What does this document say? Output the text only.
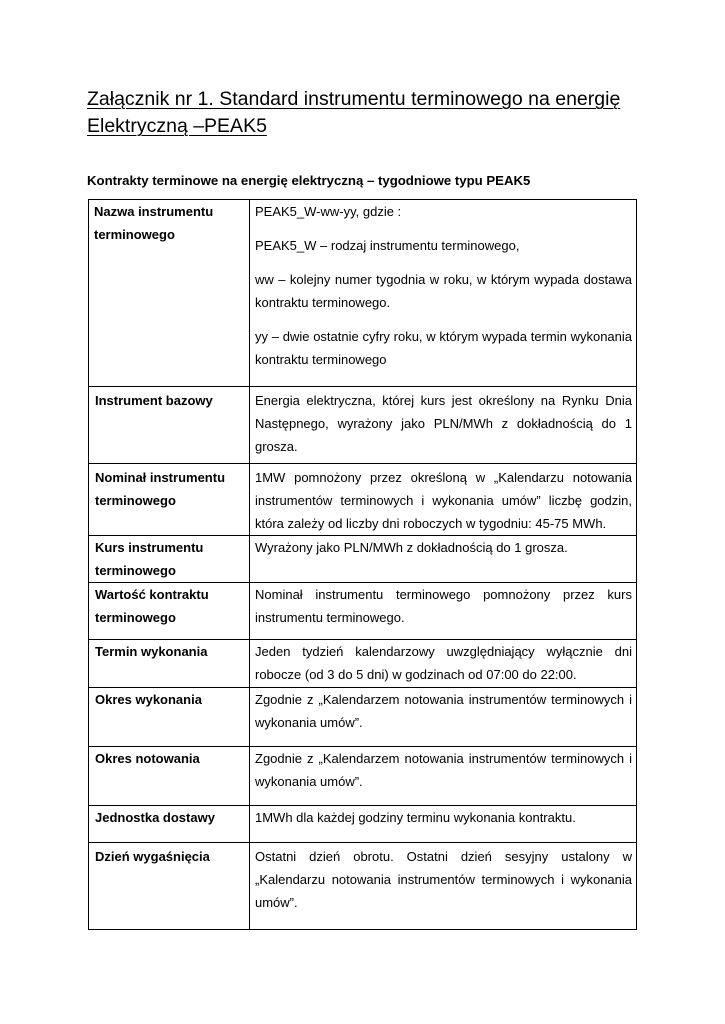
Załącznik nr 1. Standard instrumentu terminowego na energię Elektryczną –PEAK5

Kontrakty terminowe na energię elektryczną – tygodniowe typu PEAK5

Nazwa instrumentu terminowego	PEAK5_W-ww-yy, gdzie :

PEAK5_W – rodzaj instrumentu terminowego,

ww – kolejny numer tygodnia w roku, w którym wypada dostawa kontraktu terminowego.

yy – dwie ostatnie cyfry roku, w którym wypada termin wykonania kontraktu terminowego

Instrument bazowy	Energia elektryczna, której kurs jest określony na Rynku Dnia Następnego, wyrażony jako PLN/MWh z dokładnością do 1 grosza.

Nominał instrumentu terminowego	1MW pomnożony przez określoną w „Kalendarzu notowania instrumentów terminowych i wykonania umów” liczbę godzin, która zależy od liczby dni roboczych w tygodniu: 45-75 MWh.

Kurs instrumentu terminowego	Wyrażony jako PLN/MWh z dokładnością do 1 grosza.

Wartość kontraktu terminowego	Nominał instrumentu terminowego pomnożony przez kurs instrumentu terminowego.

Termin wykonania	Jeden tydzień kalendarzowy uwzględniający wyłącznie dni robocze (od 3 do 5 dni) w godzinach od 07:00 do 22:00.

Okres wykonania	Zgodnie z „Kalendarzem notowania instrumentów terminowych i wykonania umów”.

Okres notowania	Zgodnie z „Kalendarzem notowania instrumentów terminowych i wykonania umów”.

Jednostka dostawy	1MWh dla każdej godziny terminu wykonania kontraktu.

Dzień wygaśnięcia	Ostatni dzień obrotu. Ostatni dzień sesyjny ustalony w „Kalendarzu notowania instrumentów terminowych i wykonania umów”.
